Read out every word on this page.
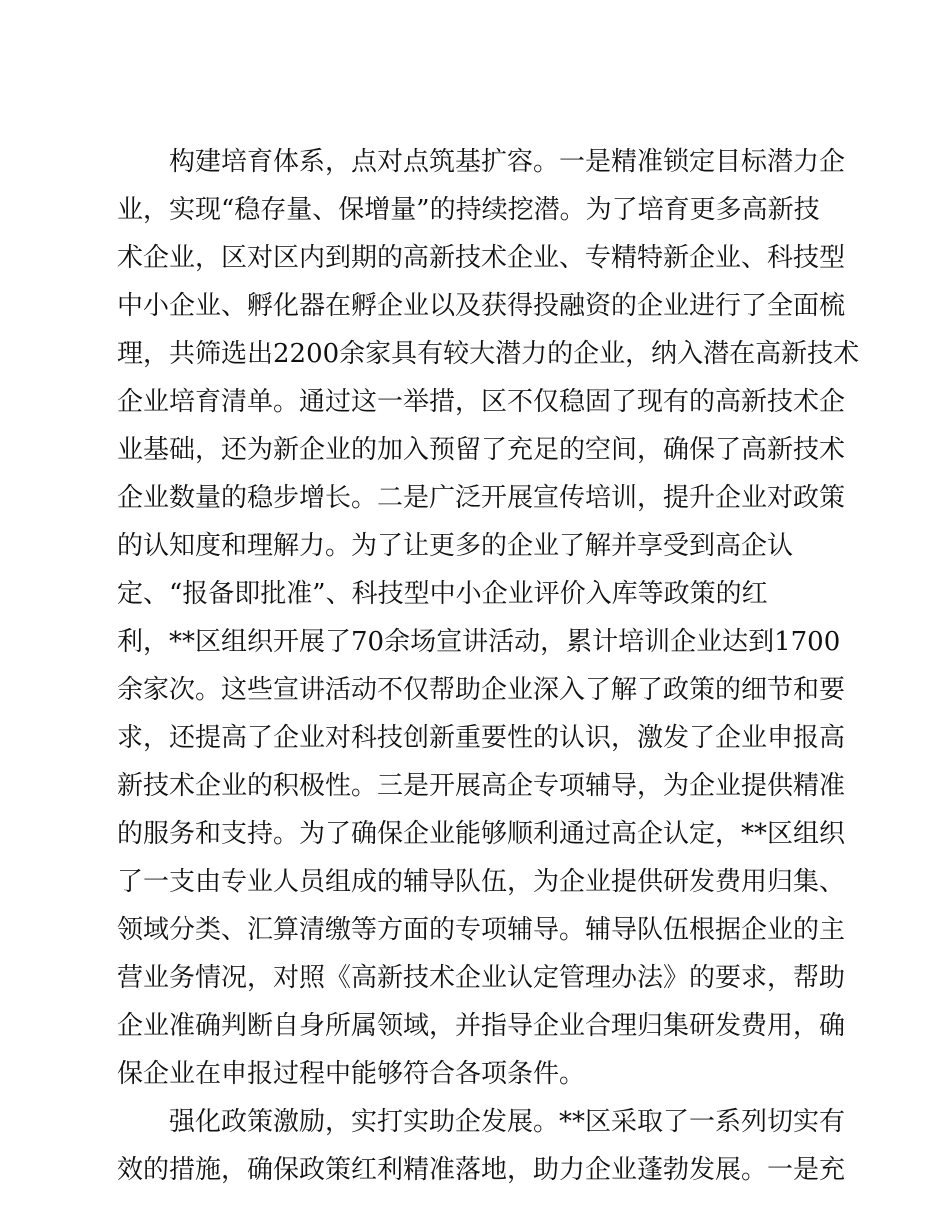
构建培育体系，点对点筑基扩容。一是精准锁定目标潜力企
业，实现“稳存量、保增量”的持续挖潜。为了培育更多高新技
术企业，区对区内到期的高新技术企业、专精特新企业、科技型
中小企业、孵化器在孵企业以及获得投融资的企业进行了全面梳
理，共筛选出2200余家具有较大潜力的企业，纳入潜在高新技术
企业培育清单。通过这一举措，区不仅稳固了现有的高新技术企
业基础，还为新企业的加入预留了充足的空间，确保了高新技术
企业数量的稳步增长。二是广泛开展宣传培训，提升企业对政策
的认知度和理解力。为了让更多的企业了解并享受到高企认
定、“报备即批准”、科技型中小企业评价入库等政策的红
利，**区组织开展了70余场宣讲活动，累计培训企业达到1700
余家次。这些宣讲活动不仅帮助企业深入了解了政策的细节和要
求，还提高了企业对科技创新重要性的认识，激发了企业申报高
新技术企业的积极性。三是开展高企专项辅导，为企业提供精准
的服务和支持。为了确保企业能够顺利通过高企认定，**区组织
了一支由专业人员组成的辅导队伍，为企业提供研发费用归集、
领域分类、汇算清缴等方面的专项辅导。辅导队伍根据企业的主
营业务情况，对照《高新技术企业认定管理办法》的要求，帮助
企业准确判断自身所属领域，并指导企业合理归集研发费用，确
保企业在申报过程中能够符合各项条件。
强化政策激励，实打实助企发展。**区采取了一系列切实有
效的措施，确保政策红利精准落地，助力企业蓬勃发展。一是充
